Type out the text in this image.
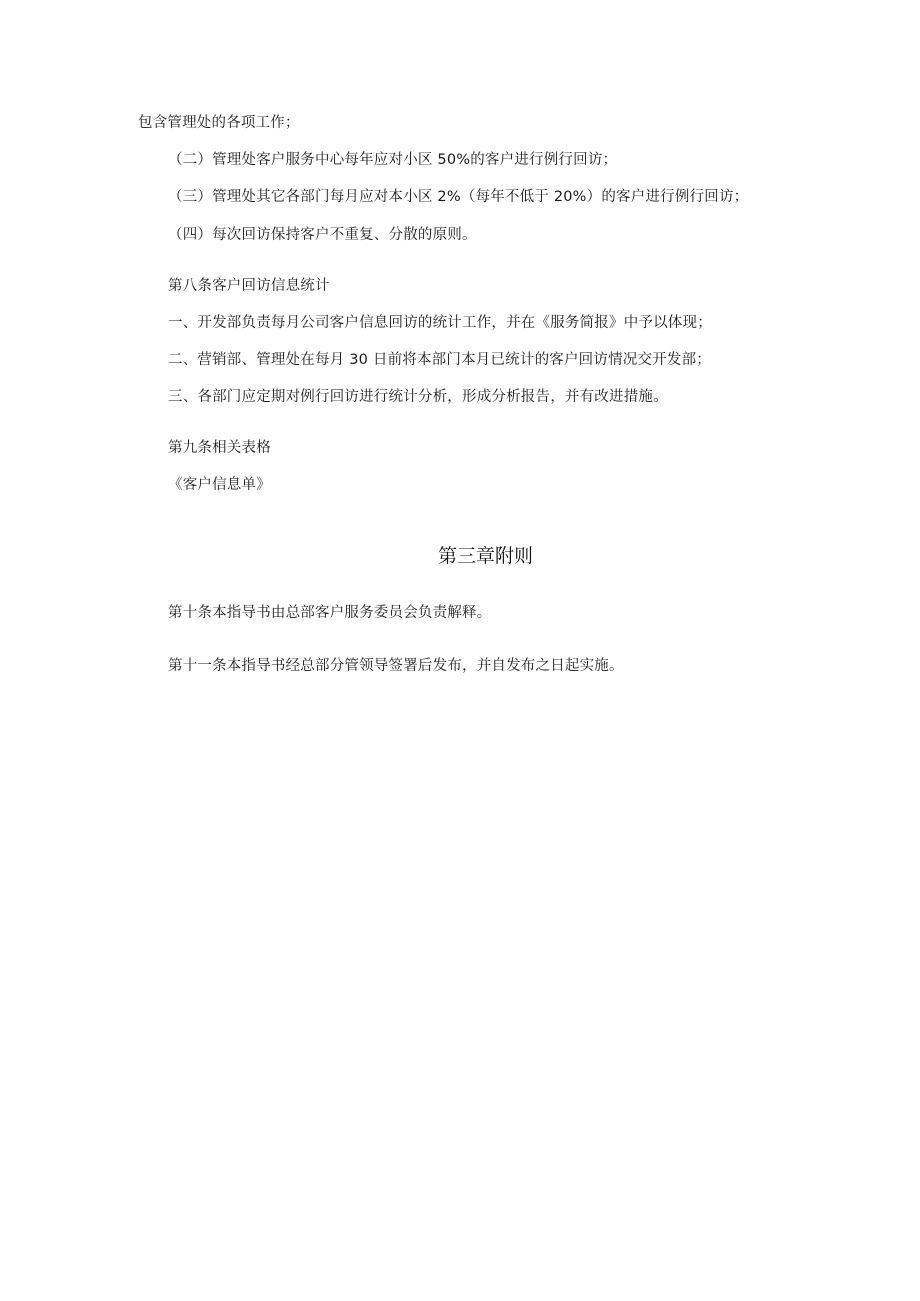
包含管理处的各项工作；
（二）管理处客户服务中心每年应对小区 50%的客户进行例行回访；
（三）管理处其它各部门每月应对本小区 2%（每年不低于 20%）的客户进行例行回访；
（四）每次回访保持客户不重复、分散的原则。
第八条客户回访信息统计
一、开发部负责每月公司客户信息回访的统计工作，并在《服务简报》中予以体现；
二、营销部、管理处在每月 30 日前将本部门本月已统计的客户回访情况交开发部；
三、各部门应定期对例行回访进行统计分析，形成分析报告，并有改进措施。
第九条相关表格
《客户信息单》
第三章附则
第十条本指导书由总部客户服务委员会负责解释。
第十一条本指导书经总部分管领导签署后发布，并自发布之日起实施。
